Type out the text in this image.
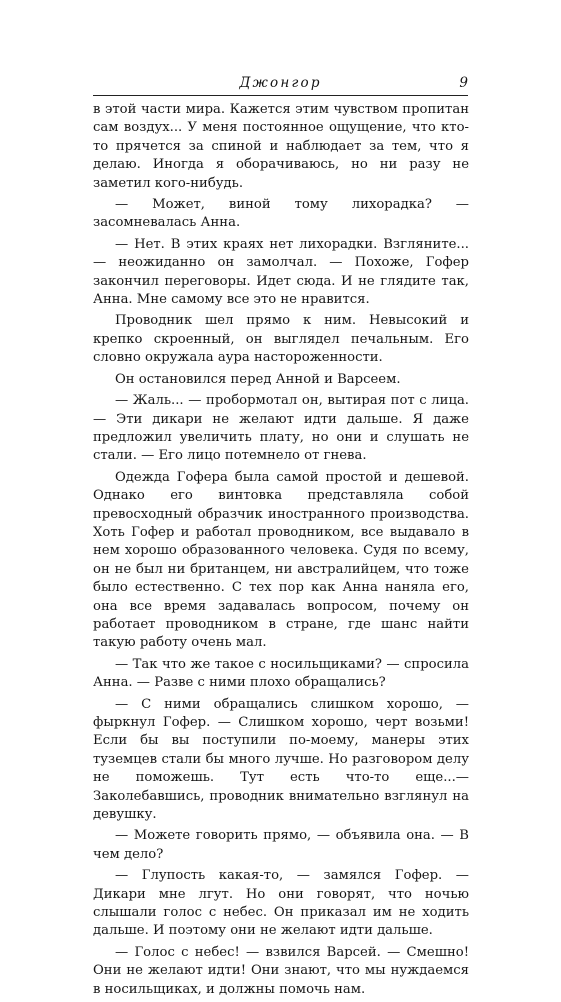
Джонгор	9

в этой части мира. Кажется этим чувством пропитан сам воздух... У меня постоянное ощущение, что кто-то прячется за спиной и наблюдает за тем, что я делаю. Иногда я оборачиваюсь, но ни разу не заметил кого-нибудь.

— Может, виной тому лихорадка? — засомневалась Анна.

— Нет. В этих краях нет лихорадки. Взгляните... — неожиданно он замолчал. — Похоже, Гофер закончил переговоры. Идет сюда. И не глядите так, Анна. Мне самому все это не нравится.

Проводник шел прямо к ним. Невысокий и крепко скроенный, он выглядел печальным. Его словно окружала аура настороженности.

Он остановился перед Анной и Варсеем.

— Жаль... — пробормотал он, вытирая пот с лица. — Эти дикари не желают идти дальше. Я даже предложил увеличить плату, но они и слушать не стали. — Его лицо потемнело от гнева.

Одежда Гофера была самой простой и дешевой. Однако его винтовка представляла собой превосходный образчик иностранного производства. Хоть Гофер и работал проводником, все выдавало в нем хорошо образованного человека. Судя по всему, он не был ни британцем, ни австралийцем, что тоже было естественно. С тех пор как Анна наняла его, она все время задавалась вопросом, почему он работает проводником в стране, где шанс найти такую работу очень мал.

— Так что же такое с носильщиками? — спросила Анна. — Разве с ними плохо обращались?

— С ними обращались слишком хорошо, — фыркнул Гофер. — Слишком хорошо, черт возьми! Если бы вы поступили по-моему, манеры этих туземцев стали бы много лучше. Но разговором делу не поможешь. Тут есть что-то еще...— Заколебавшись, проводник внимательно взглянул на девушку.

— Можете говорить прямо, — объявила она. — В чем дело?

— Глупость какая-то, — замялся Гофер. — Дикари мне лгут. Но они говорят, что ночью слышали голос с небес. Он приказал им не ходить дальше. И поэтому они не желают идти дальше.

— Голос с небес! — взвился Варсей. — Смешно! Они не желают идти! Они знают, что мы нуждаемся в носильщиках, и должны помочь нам.
